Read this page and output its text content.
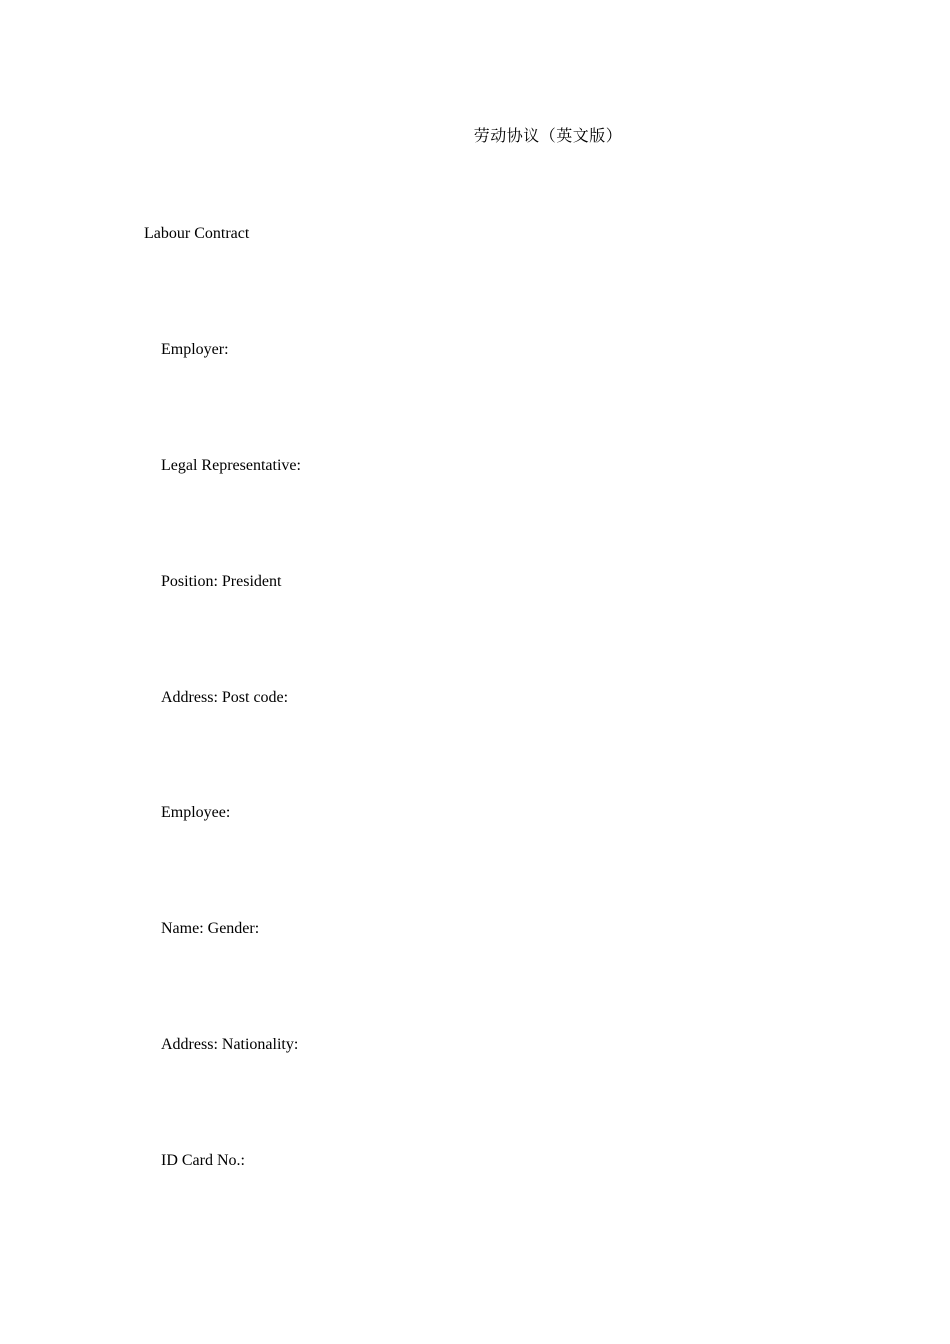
劳动协议（英文版）
Labour Contract
Employer:
Legal Representative:
Position: President
Address: Post code:
Employee:
Name: Gender:
Address: Nationality:
ID Card No.:
